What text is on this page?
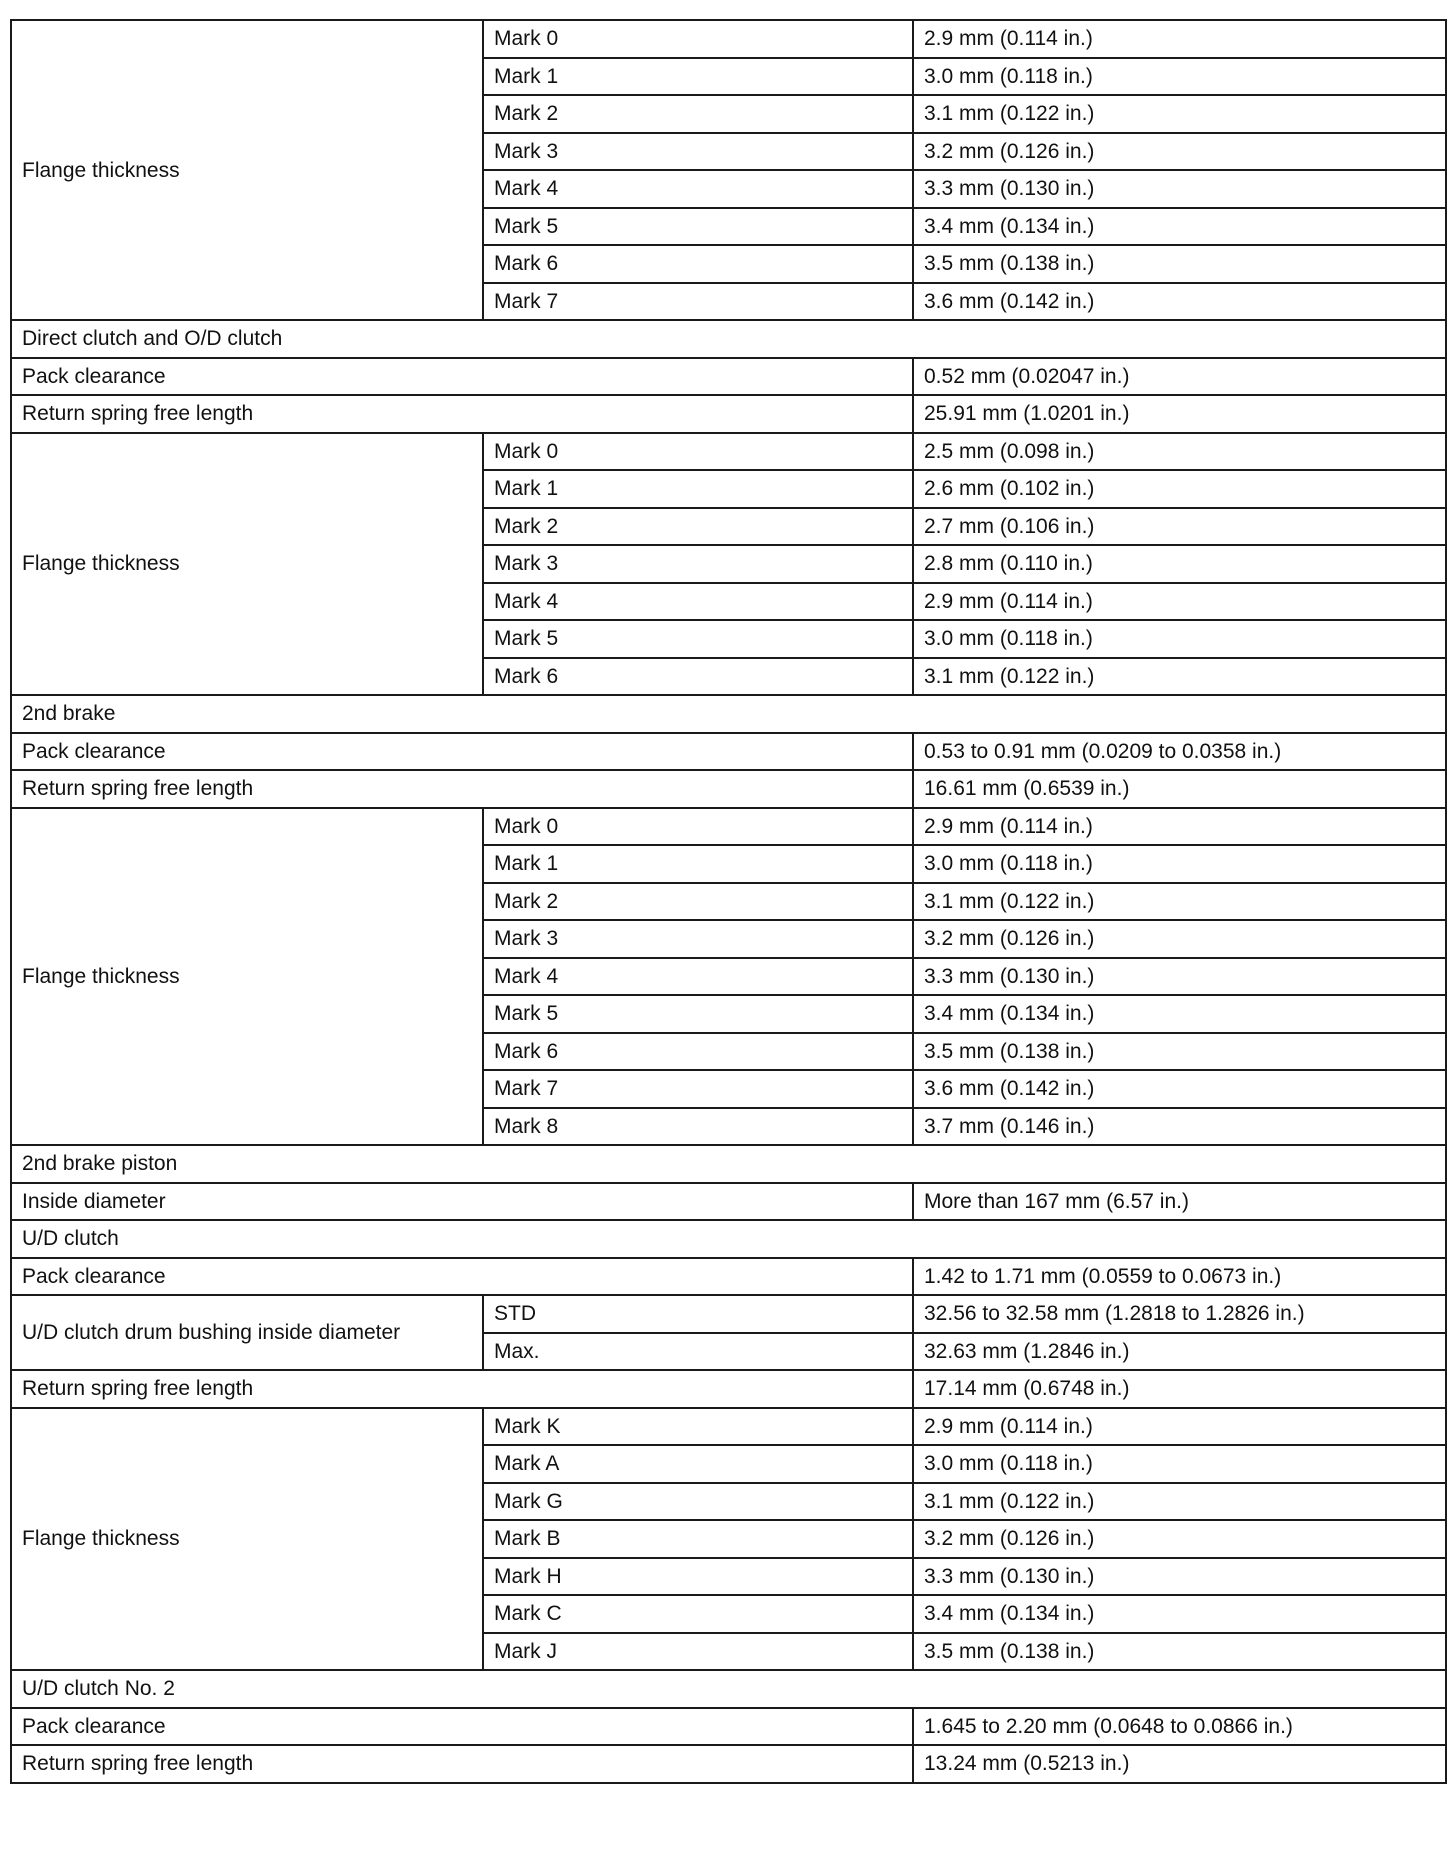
Flange thickness	Mark 0	2.9 mm (0.114 in.)
	Mark 1	3.0 mm (0.118 in.)
	Mark 2	3.1 mm (0.122 in.)
	Mark 3	3.2 mm (0.126 in.)
	Mark 4	3.3 mm (0.130 in.)
	Mark 5	3.4 mm (0.134 in.)
	Mark 6	3.5 mm (0.138 in.)
	Mark 7	3.6 mm (0.142 in.)
Direct clutch and O/D clutch		
Pack clearance		0.52 mm (0.02047 in.)
Return spring free length		25.91 mm (1.0201 in.)
Flange thickness	Mark 0	2.5 mm (0.098 in.)
	Mark 1	2.6 mm (0.102 in.)
	Mark 2	2.7 mm (0.106 in.)
	Mark 3	2.8 mm (0.110 in.)
	Mark 4	2.9 mm (0.114 in.)
	Mark 5	3.0 mm (0.118 in.)
	Mark 6	3.1 mm (0.122 in.)
2nd brake		
Pack clearance		0.53 to 0.91 mm (0.0209 to 0.0358 in.)
Return spring free length		16.61 mm (0.6539 in.)
Flange thickness	Mark 0	2.9 mm (0.114 in.)
	Mark 1	3.0 mm (0.118 in.)
	Mark 2	3.1 mm (0.122 in.)
	Mark 3	3.2 mm (0.126 in.)
	Mark 4	3.3 mm (0.130 in.)
	Mark 5	3.4 mm (0.134 in.)
	Mark 6	3.5 mm (0.138 in.)
	Mark 7	3.6 mm (0.142 in.)
	Mark 8	3.7 mm (0.146 in.)
2nd brake piston		
Inside diameter		More than 167 mm (6.57 in.)
U/D clutch		
Pack clearance		1.42 to 1.71 mm (0.0559 to 0.0673 in.)
U/D clutch drum bushing inside diameter	STD	32.56 to 32.58 mm (1.2818 to 1.2826 in.)
	Max.	32.63 mm (1.2846 in.)
Return spring free length		17.14 mm (0.6748 in.)
Flange thickness	Mark K	2.9 mm (0.114 in.)
	Mark A	3.0 mm (0.118 in.)
	Mark G	3.1 mm (0.122 in.)
	Mark B	3.2 mm (0.126 in.)
	Mark H	3.3 mm (0.130 in.)
	Mark C	3.4 mm (0.134 in.)
	Mark J	3.5 mm (0.138 in.)
U/D clutch No. 2		
Pack clearance		1.645 to 2.20 mm (0.0648 to 0.0866 in.)
Return spring free length		13.24 mm (0.5213 in.)
